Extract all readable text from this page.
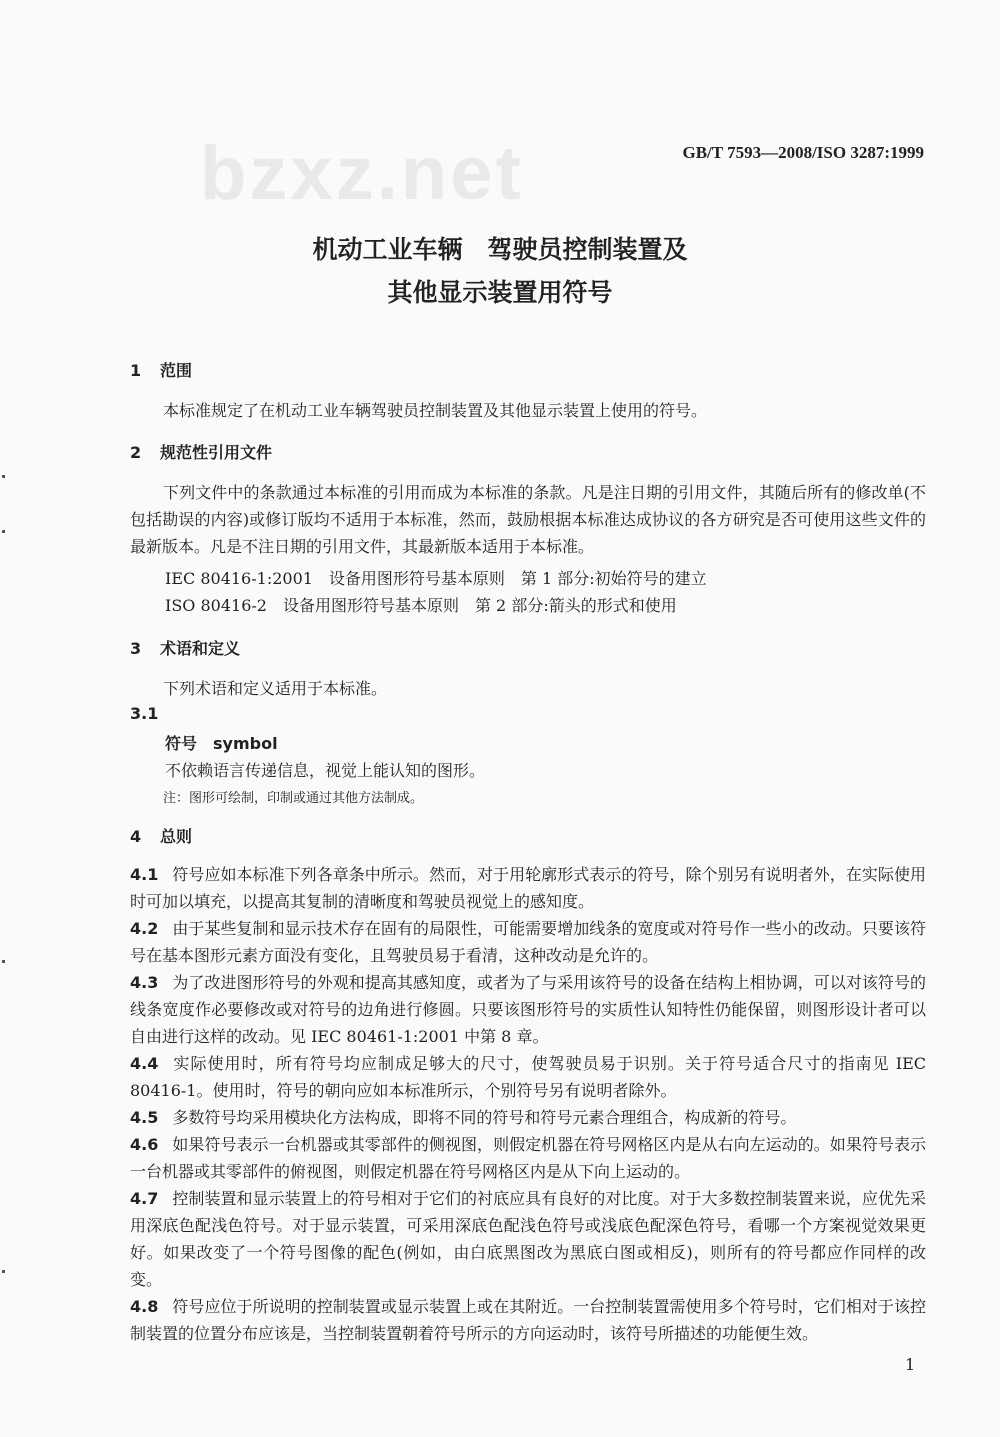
bzxz.net	GB/T 7593—2008/ISO 3287:1999
机动工业车辆　驾驶员控制装置及
其他显示装置用符号
1 范围
本标准规定了在机动工业车辆驾驶员控制装置及其他显示装置上使用的符号。
2 规范性引用文件
下列文件中的条款通过本标准的引用而成为本标准的条款。凡是注日期的引用文件，其随后所有的修改单(不包括勘误的内容)或修订版均不适用于本标准，然而，鼓励根据本标准达成协议的各方研究是否可使用这些文件的最新版本。凡是不注日期的引用文件，其最新版本适用于本标准。
IEC 80416-1:2001　设备用图形符号基本原则　第 1 部分:初始符号的建立
ISO 80416-2　设备用图形符号基本原则　第 2 部分:箭头的形式和使用
3 术语和定义
下列术语和定义适用于本标准。
3.1
符号　symbol
不依赖语言传递信息，视觉上能认知的图形。
注：图形可绘制，印制或通过其他方法制成。
4 总则
4.1 符号应如本标准下列各章条中所示。然而，对于用轮廓形式表示的符号，除个别另有说明者外，在实际使用时可加以填充，以提高其复制的清晰度和驾驶员视觉上的感知度。
4.2 由于某些复制和显示技术存在固有的局限性，可能需要增加线条的宽度或对符号作一些小的改动。只要该符号在基本图形元素方面没有变化，且驾驶员易于看清，这种改动是允许的。
4.3 为了改进图形符号的外观和提高其感知度，或者为了与采用该符号的设备在结构上相协调，可以对该符号的线条宽度作必要修改或对符号的边角进行修圆。只要该图形符号的实质性认知特性仍能保留，则图形设计者可以自由进行这样的改动。见 IEC 80461-1:2001 中第 8 章。
4.4 实际使用时，所有符号均应制成足够大的尺寸，使驾驶员易于识别。关于符号适合尺寸的指南见 IEC 80416-1。使用时，符号的朝向应如本标准所示，个别符号另有说明者除外。
4.5 多数符号均采用模块化方法构成，即将不同的符号和符号元素合理组合，构成新的符号。
4.6 如果符号表示一台机器或其零部件的侧视图，则假定机器在符号网格区内是从右向左运动的。如果符号表示一台机器或其零部件的俯视图，则假定机器在符号网格区内是从下向上运动的。
4.7 控制装置和显示装置上的符号相对于它们的衬底应具有良好的对比度。对于大多数控制装置来说，应优先采用深底色配浅色符号。对于显示装置，可采用深底色配浅色符号或浅底色配深色符号，看哪一个方案视觉效果更好。如果改变了一个符号图像的配色(例如，由白底黑图改为黑底白图或相反)，则所有的符号都应作同样的改变。
4.8 符号应位于所说明的控制装置或显示装置上或在其附近。一台控制装置需使用多个符号时，它们相对于该控制装置的位置分布应该是，当控制装置朝着符号所示的方向运动时，该符号所描述的功能便生效。
1
